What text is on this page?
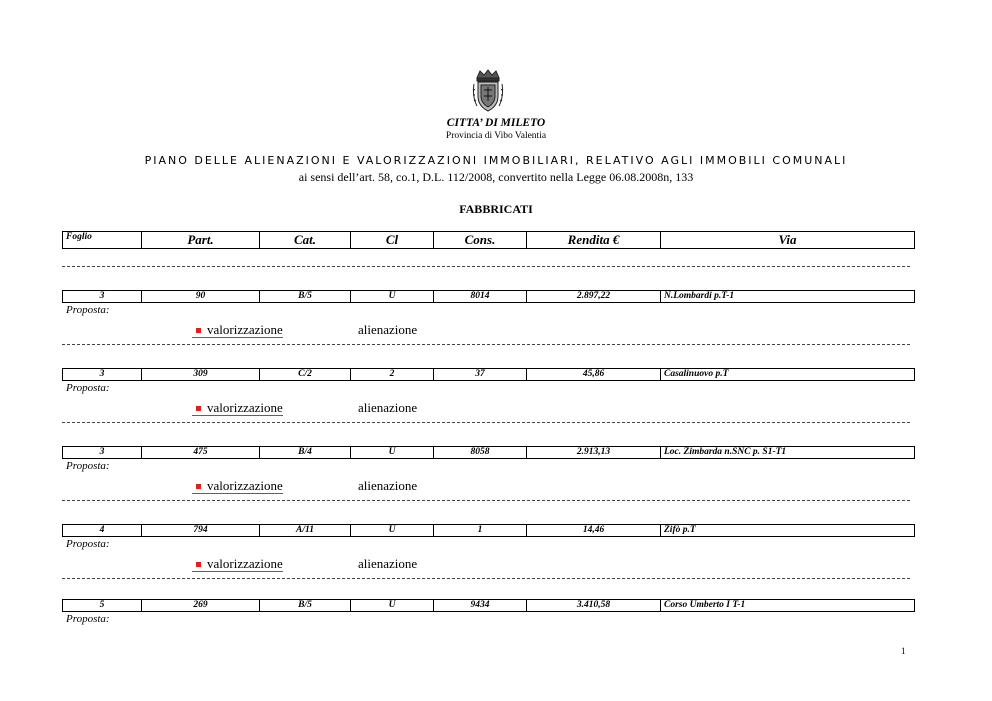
CITTA’ DI MILETO
Provincia di Vibo Valentia
PIANO DELLE ALIENAZIONI E VALORIZZAZIONI IMMOBILIARI, RELATIVO AGLI IMMOBILI COMUNALI
ai sensi dell’art. 58, co.1, D.L. 112/2008, convertito nella Legge 06.08.2008n, 133
FABBRICATI
Foglio	Part.	Cat.	Cl	Cons.	Rendita €	Via
3	90	B/5	U	8014	2.897,22	N.Lombardi p.T-1
Proposta:
valorizzazione	alienazione
3	309	C/2	2	37	45,86	Casalinuovo p.T
Proposta:
valorizzazione	alienazione
3	475	B/4	U	8058	2.913,13	Loc. Zimbarda n.SNC p. S1-T1
Proposta:
valorizzazione	alienazione
4	794	A/11	U	1	14,46	Zifò p.T
Proposta:
valorizzazione	alienazione
5	269	B/5	U	9434	3.410,58	Corso Umberto I T-1
Proposta:
1
